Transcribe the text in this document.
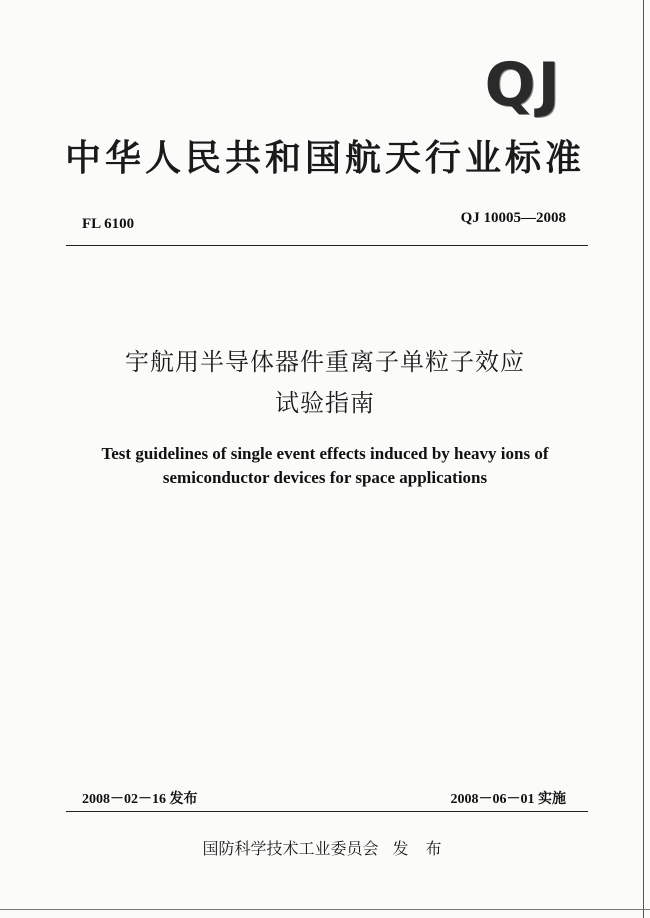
QJ
中华人民共和国航天行业标准
FL 6100	QJ 10005—2008
宇航用半导体器件重离子单粒子效应
试验指南
Test guidelines of single event effects induced by heavy ions of
semiconductor devices for space applications
2008－02－16 发布	2008－06－01 实施
国防科学技术工业委员会 发 布
